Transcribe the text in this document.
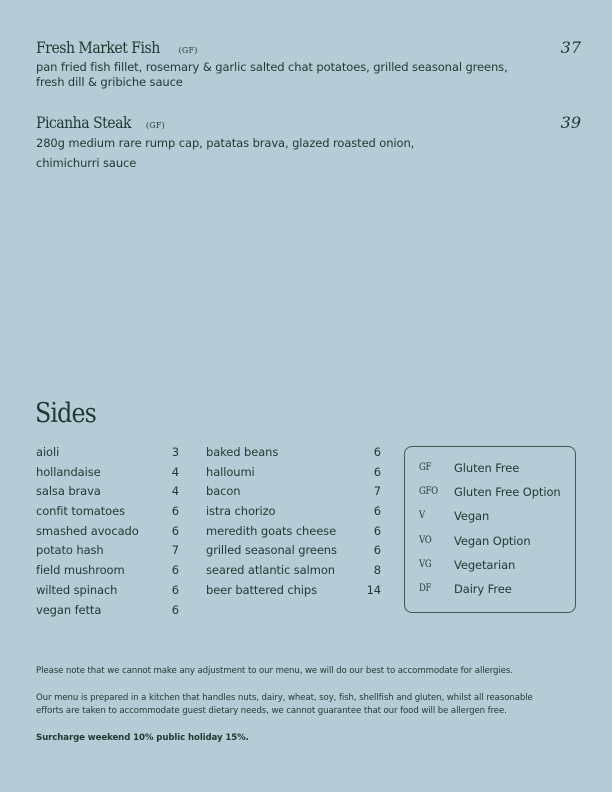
Fresh Market Fish (GF)	37
pan fried fish fillet, rosemary & garlic salted chat potatoes, grilled seasonal greens,
fresh dill & gribiche sauce
Picanha Steak (GF)	39
280g medium rare rump cap, patatas brava, glazed roasted onion,
chimichurri sauce
Sides
aioli	3
hollandaise	4
salsa brava	4
confit tomatoes	6
smashed avocado	6
potato hash	7
field mushroom	6
wilted spinach	6
vegan fetta	6
baked beans	6
halloumi	6
bacon	7
istra chorizo	6
meredith goats cheese	6
grilled seasonal greens	6
seared atlantic salmon	8
beer battered chips	14
GF Gluten Free
GFO Gluten Free Option
V	Vegan
VO Vegan Option
VG Vegetarian
DF Dairy Free
Please note that we cannot make any adjustment to our menu, we will do our best to accommodate for allergies.
Our menu is prepared in a kitchen that handles nuts, dairy, wheat, soy, fish, shellfish and gluten, whilst all reasonable
efforts are taken to accommodate guest dietary needs, we cannot guarantee that our food will be allergen free.
Surcharge weekend 10% public holiday 15%.
